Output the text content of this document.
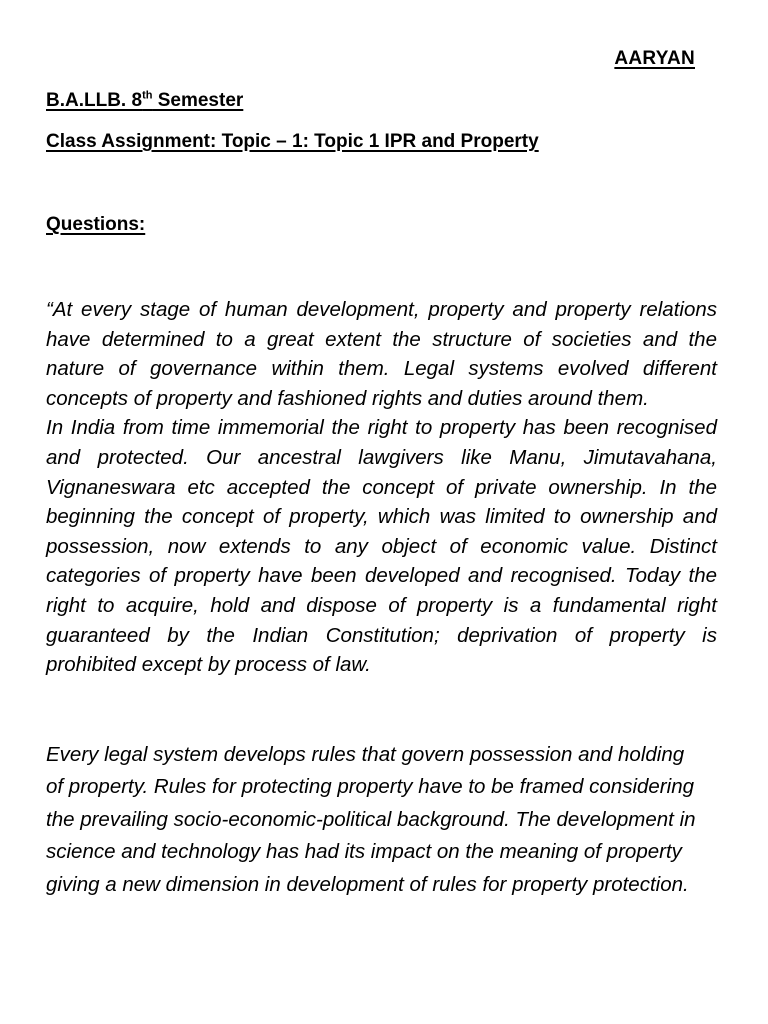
AARYAN
B.A.LLB. 8th Semester
Class Assignment: Topic – 1: Topic 1 IPR and Property
Questions:

“At every stage of human development, property and property relations have determined to a great extent the structure of societies and the nature of governance within them. Legal systems evolved different concepts of property and fashioned rights and duties around them.

In India from time immemorial the right to property has been recognised and protected. Our ancestral lawgivers like Manu, Jimutavahana, Vignaneswara etc accepted the concept of private ownership. In the beginning the concept of property, which was limited to ownership and possession, now extends to any object of economic value. Distinct categories of property have been developed and recognised. Today the right to acquire, hold and dispose of property is a fundamental right guaranteed by the Indian Constitution; deprivation of property is prohibited except by process of law.

Every legal system develops rules that govern possession and holding of property. Rules for protecting property have to be framed considering the prevailing socio-economic-political background. The development in science and technology has had its impact on the meaning of property giving a new dimension in development of rules for property protection.
